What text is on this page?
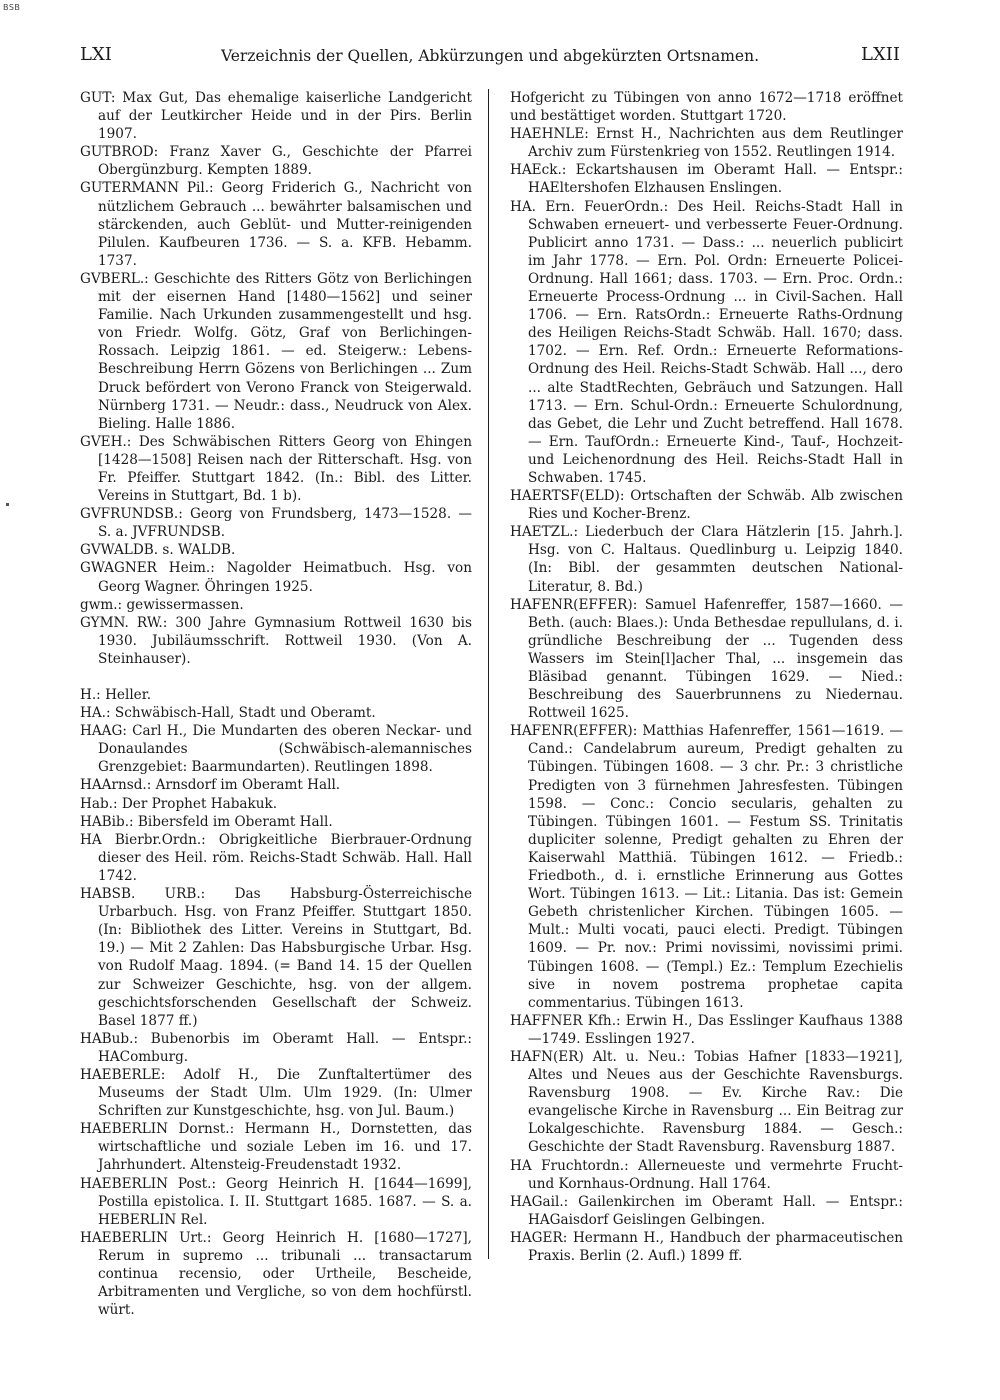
BSB
LXI	Verzeichnis der Quellen, Abkürzungen und abgekürzten Ortsnamen.	LXII

GUT: Max Gut, Das ehemalige kaiserliche Landgericht auf der Leutkircher Heide und in der Pirs. Berlin 1907.

GUTBROD: Franz Xaver G., Geschichte der Pfarrei Obergünzburg. Kempten 1889.

GUTERMANN Pil.: Georg Friderich G., Nachricht von nützlichem Gebrauch ... bewährter balsamischen und stärckenden, auch Geblüt- und Mutter-reinigenden Pilulen. Kaufbeuren 1736. — S. a. KFB. Hebamm. 1737.

GVBERL.: Geschichte des Ritters Götz von Berlichingen mit der eisernen Hand [1480—1562] und seiner Familie. Nach Urkunden zusammengestellt und hsg. von Friedr. Wolfg. Götz, Graf von Berlichingen-Rossach. Leipzig 1861. — ed. Steigerw.: Lebens-Beschreibung Herrn Gözens von Berlichingen ... Zum Druck befördert von Verono Franck von Steigerwald. Nürnberg 1731. — Neudr.: dass., Neudruck von Alex. Bieling. Halle 1886.

GVEH.: Des Schwäbischen Ritters Georg von Ehingen [1428—1508] Reisen nach der Ritterschaft. Hsg. von Fr. Pfeiffer. Stuttgart 1842. (In.: Bibl. des Litter. Vereins in Stuttgart, Bd. 1 b).

GVFRUNDSB.: Georg von Frundsberg, 1473—1528. — S. a. JVFRUNDSB.

GVWALDB. s. WALDB.

GWAGNER Heim.: Nagolder Heimatbuch. Hsg. von Georg Wagner. Öhringen 1925.

gwm.: gewissermassen.

GYMN. RW.: 300 Jahre Gymnasium Rottweil 1630 bis 1930. Jubiläumsschrift. Rottweil 1930. (Von A. Steinhauser).

H.: Heller.

HA.: Schwäbisch-Hall, Stadt und Oberamt.

HAAG: Carl H., Die Mundarten des oberen Neckar- und Donaulandes (Schwäbisch-alemannisches Grenzgebiet: Baarmundarten). Reutlingen 1898.

HAArnsd.: Arnsdorf im Oberamt Hall.

Hab.: Der Prophet Habakuk.

HABib.: Bibersfeld im Oberamt Hall.

HA Bierbr.Ordn.: Obrigkeitliche Bierbrauer-Ordnung dieser des Heil. röm. Reichs-Stadt Schwäb. Hall. Hall 1742.

HABSB. URB.: Das Habsburg-Österreichische Urbarbuch. Hsg. von Franz Pfeiffer. Stuttgart 1850. (In: Bibliothek des Litter. Vereins in Stuttgart, Bd. 19.) — Mit 2 Zahlen: Das Habsburgische Urbar. Hsg. von Rudolf Maag. 1894. (= Band 14. 15 der Quellen zur Schweizer Geschichte, hsg. von der allgem. geschichtsforschenden Gesellschaft der Schweiz. Basel 1877 ff.)

HABub.: Bubenorbis im Oberamt Hall. — Entspr.: HAComburg.

HAEBERLE: Adolf H., Die Zunftaltertümer des Museums der Stadt Ulm. Ulm 1929. (In: Ulmer Schriften zur Kunstgeschichte, hsg. von Jul. Baum.)

HAEBERLIN Dornst.: Hermann H., Dornstetten, das wirtschaftliche und soziale Leben im 16. und 17. Jahrhundert. Altensteig-Freudenstadt 1932.

HAEBERLIN Post.: Georg Heinrich H. [1644—1699], Postilla epistolica. I. II. Stuttgart 1685. 1687. — S. a. HEBERLIN Rel.

HAEBERLIN Urt.: Georg Heinrich H. [1680—1727], Rerum in supremo ... tribunali ... transactarum continua recensio, oder Urtheile, Bescheide, Arbitramenten und Vergliche, so von dem hochfürstl. würt.

Hofgericht zu Tübingen von anno 1672—1718 eröffnet und bestättiget worden. Stuttgart 1720.

HAEHNLE: Ernst H., Nachrichten aus dem Reutlinger Archiv zum Fürstenkrieg von 1552. Reutlingen 1914.

HAEck.: Eckartshausen im Oberamt Hall. — Entspr.: HAEltershofen Elzhausen Enslingen.

HA. Ern. FeuerOrdn.: Des Heil. Reichs-Stadt Hall in Schwaben erneuert- und verbesserte Feuer-Ordnung. Publicirt anno 1731. — Dass.: ... neuerlich publicirt im Jahr 1778. — Ern. Pol. Ordn: Erneuerte Policei-Ordnung. Hall 1661; dass. 1703. — Ern. Proc. Ordn.: Erneuerte Process-Ordnung ... in Civil-Sachen. Hall 1706. — Ern. RatsOrdn.: Erneuerte Raths-Ordnung des Heiligen Reichs-Stadt Schwäb. Hall. 1670; dass. 1702. — Ern. Ref. Ordn.: Erneuerte Reformations-Ordnung des Heil. Reichs-Stadt Schwäb. Hall ..., dero ... alte StadtRechten, Gebräuch und Satzungen. Hall 1713. — Ern. Schul-Ordn.: Erneuerte Schulordnung, das Gebet, die Lehr und Zucht betreffend. Hall 1678. — Ern. TaufOrdn.: Erneuerte Kind-, Tauf-, Hochzeit- und Leichenordnung des Heil. Reichs-Stadt Hall in Schwaben. 1745.

HAERTSF(ELD): Ortschaften der Schwäb. Alb zwischen Ries und Kocher-Brenz.

HAETZL.: Liederbuch der Clara Hätzlerin [15. Jahrh.]. Hsg. von C. Haltaus. Quedlinburg u. Leipzig 1840. (In: Bibl. der gesammten deutschen National-Literatur, 8. Bd.)

HAFENR(EFFER): Samuel Hafenreffer, 1587—1660. — Beth. (auch: Blaes.): Unda Bethesdae repullulans, d. i. gründliche Beschreibung der ... Tugenden dess Wassers im Stein[l]acher Thal, ... insgemein das Bläsibad genannt. Tübingen 1629. — Nied.: Beschreibung des Sauerbrunnens zu Niedernau. Rottweil 1625.

HAFENR(EFFER): Matthias Hafenreffer, 1561—1619. — Cand.: Candelabrum aureum, Predigt gehalten zu Tübingen. Tübingen 1608. — 3 chr. Pr.: 3 christliche Predigten von 3 fürnehmen Jahresfesten. Tübingen 1598. — Conc.: Concio secularis, gehalten zu Tübingen. Tübingen 1601. — Festum SS. Trinitatis dupliciter solenne, Predigt gehalten zu Ehren der Kaiserwahl Matthiä. Tübingen 1612. — Friedb.: Friedboth., d. i. ernstliche Erinnerung aus Gottes Wort. Tübingen 1613. — Lit.: Litania. Das ist: Gemein Gebeth christenlicher Kirchen. Tübingen 1605. — Mult.: Multi vocati, pauci electi. Predigt. Tübingen 1609. — Pr. nov.: Primi novissimi, novissimi primi. Tübingen 1608. — (Templ.) Ez.: Templum Ezechielis sive in novem postrema prophetae capita commentarius. Tübingen 1613.

HAFFNER Kfh.: Erwin H., Das Esslinger Kaufhaus 1388—1749. Esslingen 1927.

HAFN(ER) Alt. u. Neu.: Tobias Hafner [1833—1921], Altes und Neues aus der Geschichte Ravensburgs. Ravensburg 1908. — Ev. Kirche Rav.: Die evangelische Kirche in Ravensburg ... Ein Beitrag zur Lokalgeschichte. Ravensburg 1884. — Gesch.: Geschichte der Stadt Ravensburg. Ravensburg 1887.

HA Fruchtordn.: Allerneueste und vermehrte Frucht- und Kornhaus-Ordnung. Hall 1764.

HAGail.: Gailenkirchen im Oberamt Hall. — Entspr.: HAGaisdorf Geislingen Gelbingen.

HAGER: Hermann H., Handbuch der pharmaceutischen Praxis. Berlin (2. Aufl.) 1899 ff.
